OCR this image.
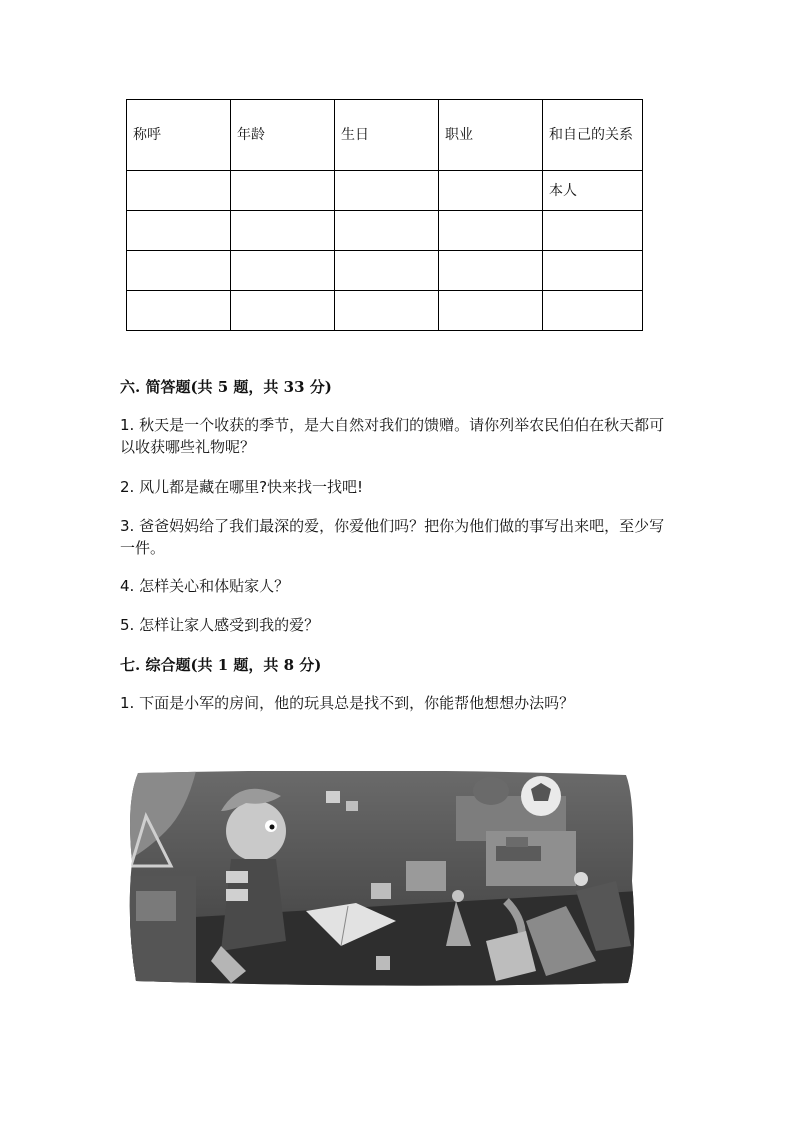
称呼	年龄	生日	职业	和自己的关系
				本人

六. 简答题(共 5 题，共 33 分)
1. 秋天是一个收获的季节，是大自然对我们的馈赠。请你列举农民伯伯在秋天都可以收获哪些礼物呢？
2. 风儿都是藏在哪里?快来找一找吧!
3. 爸爸妈妈给了我们最深的爱，你爱他们吗？把你为他们做的事写出来吧，至少写一件。
4. 怎样关心和体贴家人？
5. 怎样让家人感受到我的爱？
七. 综合题(共 1 题，共 8 分)
1. 下面是小军的房间，他的玩具总是找不到，你能帮他想想办法吗？
